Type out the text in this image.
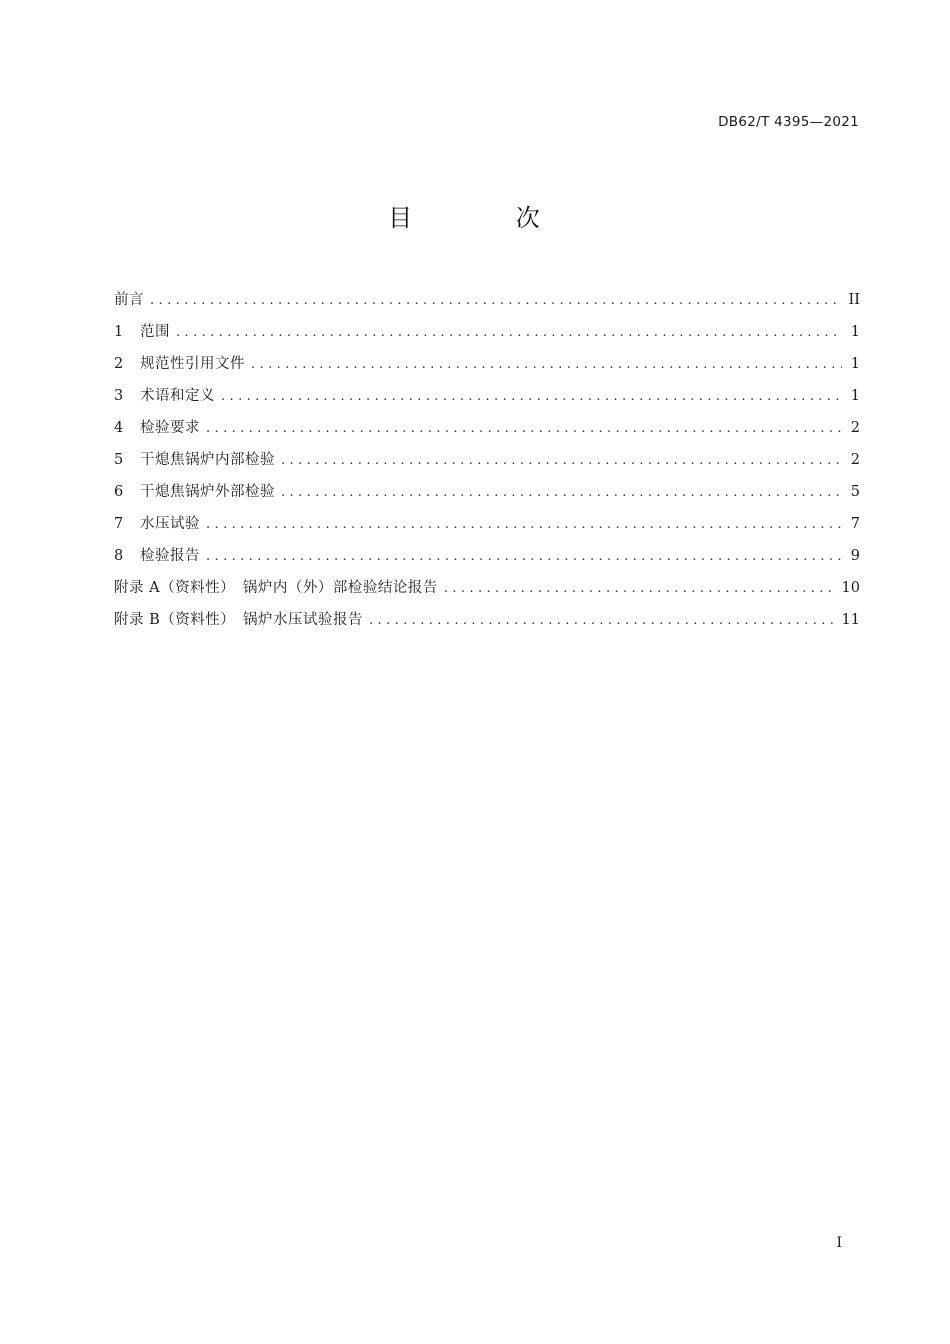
DB62/T 4395—2021
目 次
前言 .....	II
1	范围 .....	1
2	规范性引用文件 .....	1
3	术语和定义 .....	1
4	检验要求 .....	2
5	干熄焦锅炉内部检验 .....	2
6	干熄焦锅炉外部检验 .....	5
7	水压试验 .....	7
8	检验报告 .....	9
附录 A（资料性）　锅炉内（外）部检验结论报告 .....	10
附录 B（资料性）　锅炉水压试验报告 .....	11
I
